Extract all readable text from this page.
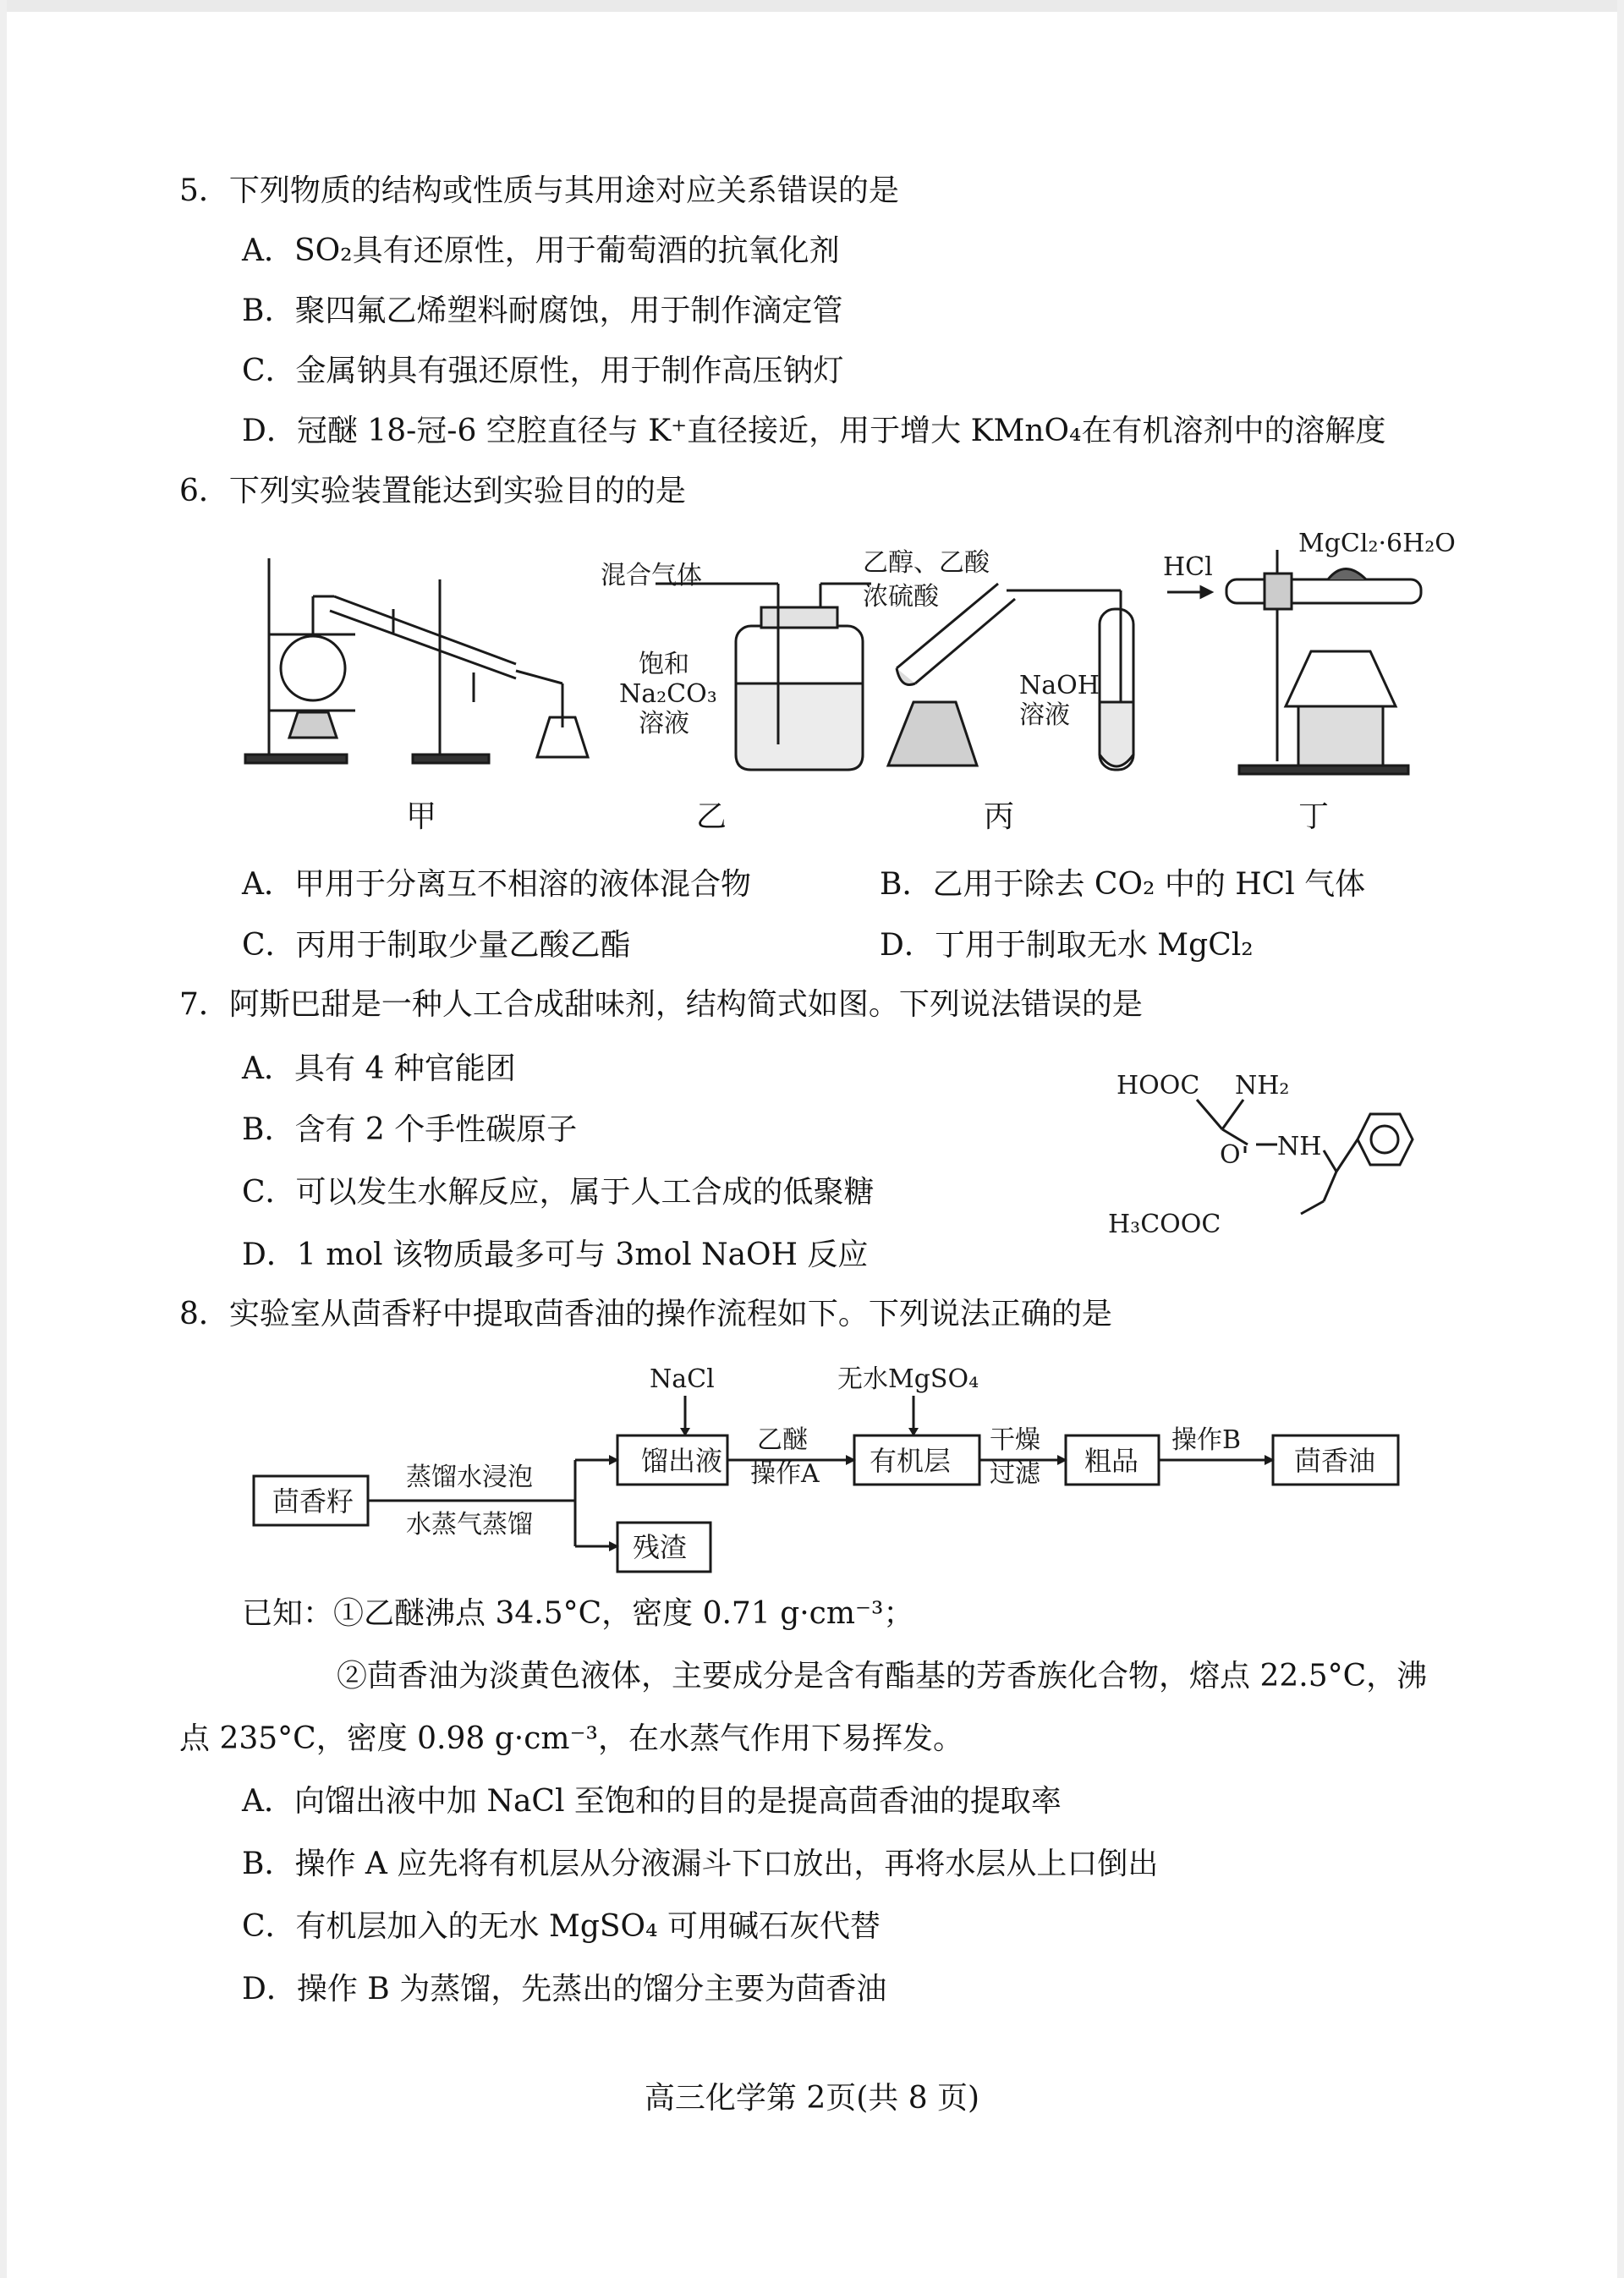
5．下列物质的结构或性质与其用途对应关系错误的是
A．SO₂具有还原性，用于葡萄酒的抗氧化剂
B．聚四氟乙烯塑料耐腐蚀，用于制作滴定管
C．金属钠具有强还原性，用于制作高压钠灯
D．冠醚 18-冠-6 空腔直径与 K⁺直径接近，用于增大 KMnO₄在有机溶剂中的溶解度
6．下列实验装置能达到实验目的的是
混合气体
饱和
Na₂CO₃
溶液
乙醇、乙酸
浓硫酸
NaOH
溶液
HCl
MgCl₂·6H₂O
甲	乙	丙	丁
A．甲用于分离互不相溶的液体混合物	B．乙用于除去 CO₂ 中的 HCl 气体
C．丙用于制取少量乙酸乙酯	D．丁用于制取无水 MgCl₂
7．阿斯巴甜是一种人工合成甜味剂，结构简式如图。下列说法错误的是
A．具有 4 种官能团
B．含有 2 个手性碳原子
C．可以发生水解反应，属于人工合成的低聚糖
D．1 mol 该物质最多可与 3mol NaOH 反应
HOOC NH₂
O NH
H₃COOC
8．实验室从茴香籽中提取茴香油的操作流程如下。下列说法正确的是
茴香籽
蒸馏水浸泡
水蒸气蒸馏
馏出液
残渣
NaCl
乙醚
操作A 有机层
无水MgSO₄
干燥
过滤 粗品
操作B
茴香油
已知：①乙醚沸点 34.5°C，密度 0.71 g·cm⁻³；
②茴香油为淡黄色液体，主要成分是含有酯基的芳香族化合物，熔点 22.5°C，沸
点 235°C，密度 0.98 g·cm⁻³，在水蒸气作用下易挥发。
A．向馏出液中加 NaCl 至饱和的目的是提高茴香油的提取率
B．操作 A 应先将有机层从分液漏斗下口放出，再将水层从上口倒出
C．有机层加入的无水 MgSO₄ 可用碱石灰代替
D．操作 B 为蒸馏，先蒸出的馏分主要为茴香油
高三化学第 2页(共 8 页)
